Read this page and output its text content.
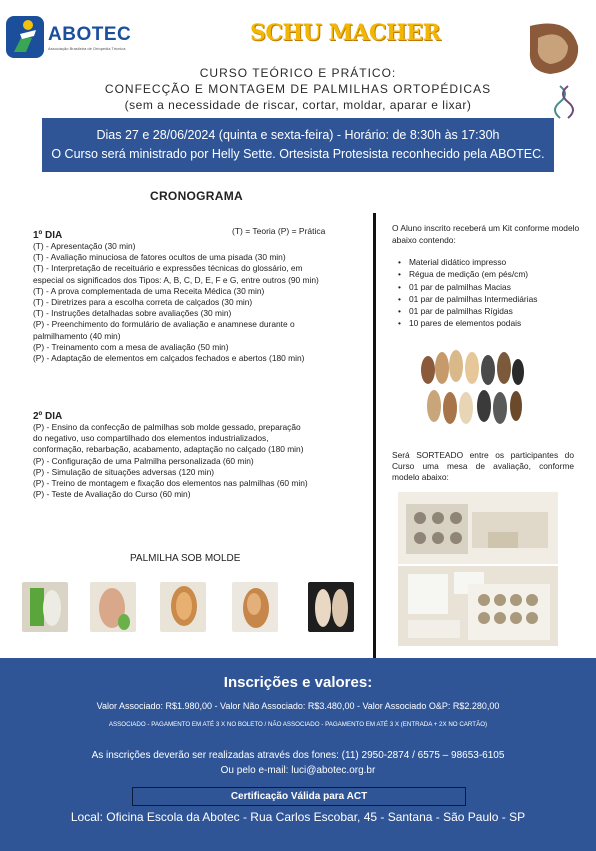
ABOTEC
Associação Brasileira de Ortopedia Técnica
SCHU MACHER
CURSO TEÓRICO E PRÁTICO:
CONFECÇÃO E MONTAGEM DE PALMILHAS ORTOPÉDICAS
(sem a necessidade de riscar, cortar, moldar, aparar e lixar)
Dias 27 e 28/06/2024 (quinta e sexta-feira) - Horário: de 8:30h às 17:30h
O Curso será ministrado por Helly Sette. Ortesista Protesista reconhecido pela ABOTEC.
CRONOGRAMA
(T) = Teoria (P) = Prática
1º DIA
(T) - Apresentação (30 min)
(T) - Avaliação minuciosa de fatores ocultos de uma pisada (30 min)
(T) - Interpretação de receituário e expressões técnicas do glossário, em
especial os significados dos Tipos: A, B, C, D, E, F e G, entre outros (90 min)
(T) - A prova complementada de uma Receita Médica (30 min)
(T) - Diretrizes para a escolha correta de calçados (30 min)
(T) - Instruções detalhadas sobre avaliações (30 min)
(P) - Preenchimento do formulário de avaliação e anamnese durante o
palmilhamento (40 min)
(P) - Treinamento com a mesa de avaliação (50 min)
(P) - Adaptação de elementos em calçados fechados e abertos (180 min)
2º DIA
(P) - Ensino da confecção de palmilhas sob molde gessado, preparação
do negativo, uso compartilhado dos elementos industrializados,
conformação, rebarbação, acabamento, adaptação no calçado (180 min)
(P) - Configuração de uma Palmilha personalizada (60 min)
(P) - Simulação de situações adversas (120 min)
(P) - Treino de montagem e fixação dos elementos nas palmilhas (60 min)
(P) - Teste de Avaliação do Curso (60 min)
O Aluno inscrito receberá um Kit conforme modelo abaixo contendo:
• Material didático impresso
• Régua de medição (em pés/cm)
• 01 par de palmilhas Macias
• 01 par de palmilhas Intermediárias
• 01 par de palmilhas Rígidas
• 10 pares de elementos podais
Será SORTEADO entre os participantes do Curso uma mesa de avaliação, conforme modelo abaixo:
PALMILHA SOB MOLDE
Inscrições e valores:
Valor Associado: R$1.980,00 - Valor Não Associado: R$3.480,00 - Valor Associado O&P: R$2.280,00
ASSOCIADO - PAGAMENTO EM ATÉ 3 X NO BOLETO / NÃO ASSOCIADO - PAGAMENTO EM ATÉ 3 X (ENTRADA + 2X NO CARTÃO)
As inscrições deverão ser realizadas através dos fones: (11) 2950-2874 / 6575 – 98653-6105
Ou pelo e-mail: luci@abotec.org.br
Certificação Válida para ACT
Local: Oficina Escola da Abotec - Rua Carlos Escobar, 45 - Santana - São Paulo - SP
